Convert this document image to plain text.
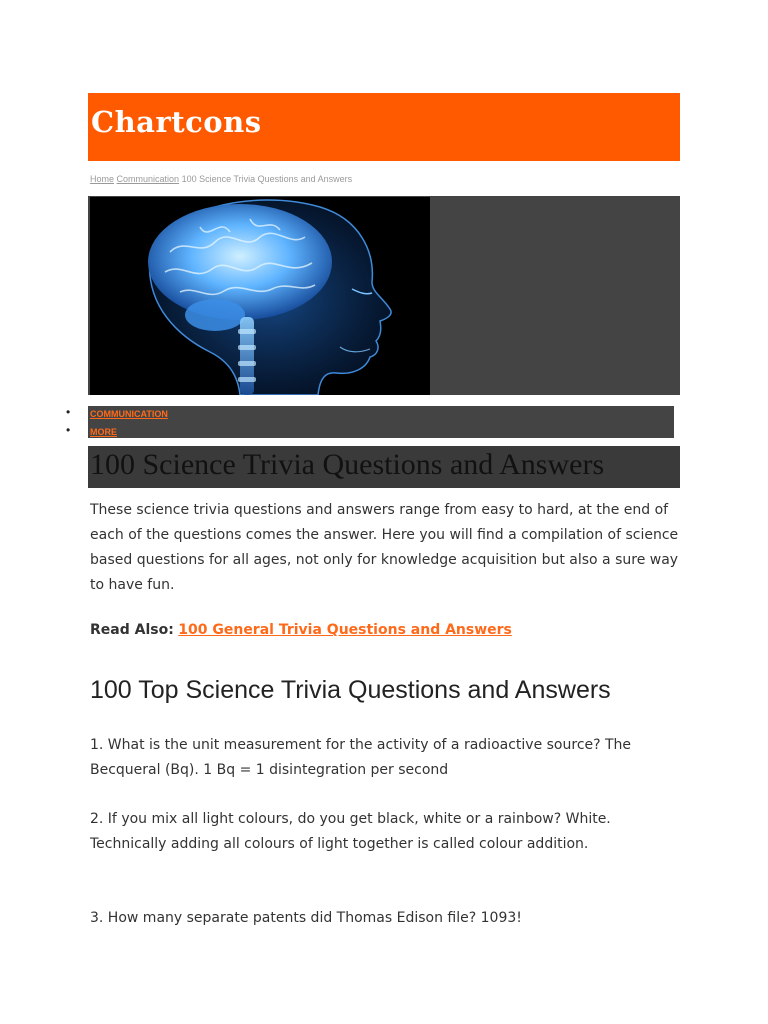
Chartcons
Home Communication 100 Science Trivia Questions and Answers
• COMMUNICATION
• MORE
100 Science Trivia Questions and Answers

These science trivia questions and answers range from easy to hard, at the end of each of the questions comes the answer. Here you will find a compilation of science based questions for all ages, not only for knowledge acquisition but also a sure way to have fun.

Read Also: 100 General Trivia Questions and Answers
100 Top Science Trivia Questions and Answers

1. What is the unit measurement for the activity of a radioactive source? The Becqueral (Bq). 1 Bq = 1 disintegration per second

2. If you mix all light colours, do you get black, white or a rainbow? White. Technically adding all colours of light together is called colour addition.

3. How many separate patents did Thomas Edison file? 1093!
